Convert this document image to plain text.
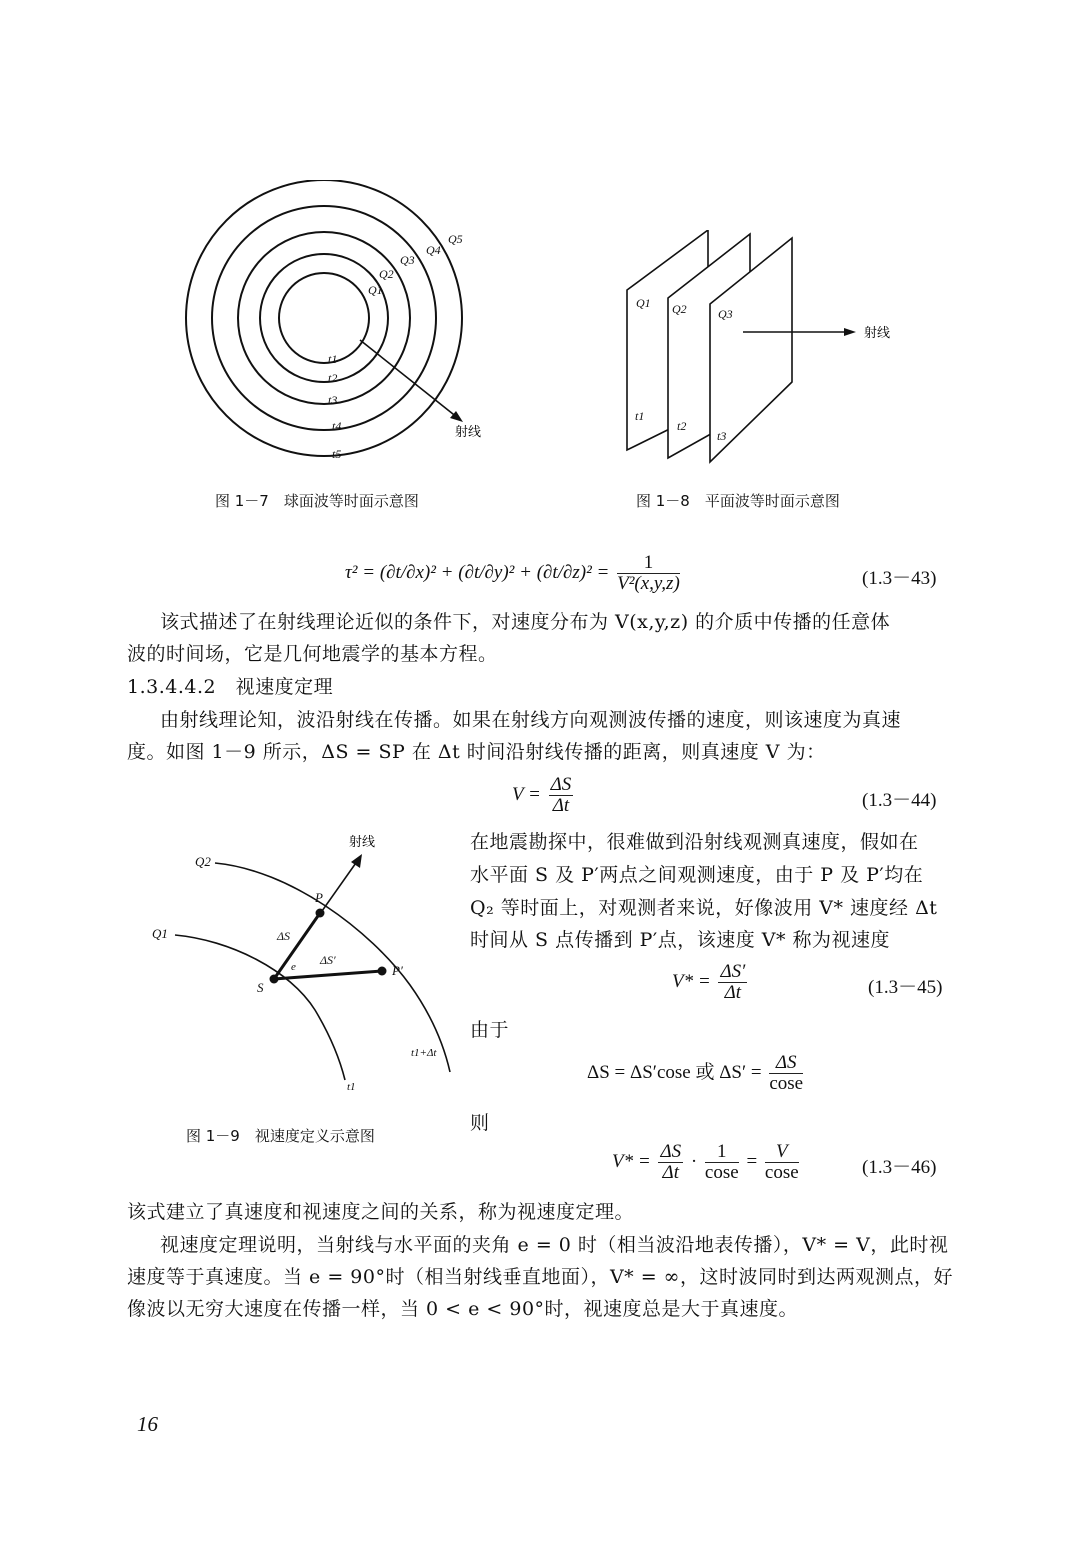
Q1
Q2
Q3
Q4
Q5
t1
t2
t3
t4
t5
射线
Q1 Q2	Q3
t1
t2
t3
射线
图 1－7　球面波等时面示意图	图 1－8　平面波等时面示意图
$\tau^2 = (\partial t/\partial x)^2 + (\partial t/\partial y)^2 + (\partial t/\partial z)^2 = \frac{1}{\text{V²(x,y,z)}}$	(1.3－43)
该式描述了在射线理论近似的条件下，对速度分布为 V(x,y,z) 的介质中传播的任意体
波的时间场，它是几何地震学的基本方程。
1.3.4.4.2　视速度定理
由射线理论知，波沿射线在传播。如果在射线方向观测波传播的速度，则该速度为真速
度。如图 1－9 所示，ΔS = SP 在 Δt 时间沿射线传播的距离，则真速度 V 为：
$V = \frac{\Delta S}{\Delta t}$	(1.3－44)
在地震勘探中，很难做到沿射线观测真速度，假如在
水平面 S 及 P′两点之间观测速度，由于 P 及 P′均在
Q₂ 等时面上，对观测者来说，好像波用 V* 速度经 Δt
时间从 S 点传播到 P′点，该速度 V* 称为视速度
$V* = \frac{\Delta S'}{\Delta t}$	(1.3－45)
由于
ΔS = ΔS′cose 或 $\Delta S' = \frac{\Delta S}{\cos e}$
则
$V* = \frac{\Delta S}{\Delta t} \cdot \frac{1}{\cos e} = \frac{V}{\cos e}$	(1.3－46)
Q2
Q1
P
P′
S
e
ΔS
ΔS′
t1
t1+Δt
射线
图 1－9　视速度定义示意图
该式建立了真速度和视速度之间的关系，称为视速度定理。
视速度定理说明，当射线与水平面的夹角 e = 0 时（相当波沿地表传播），V* = V，此时视
速度等于真速度。当 e = 90°时（相当射线垂直地面），V* = ∞，这时波同时到达两观测点，好
像波以无穷大速度在传播一样，当 0 < e < 90°时，视速度总是大于真速度。
16
